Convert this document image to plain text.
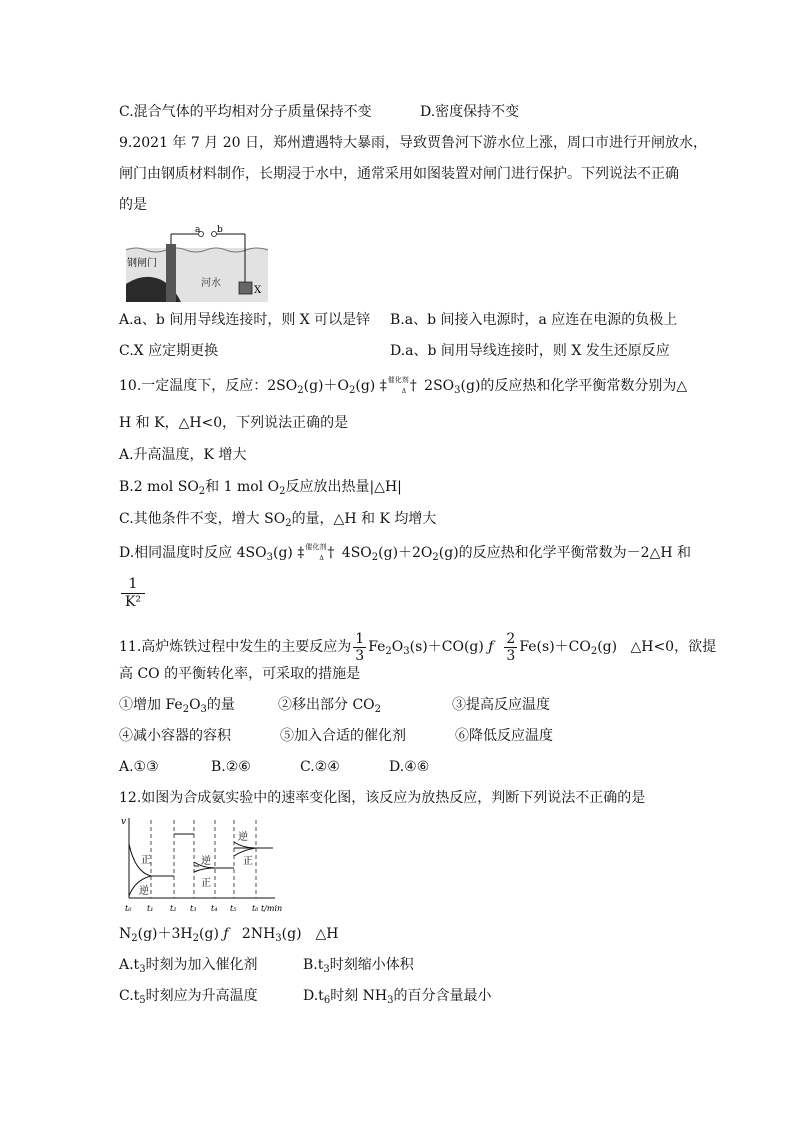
C.混合气体的平均相对分子质量保持不变	D.密度保持不变
9.2021 年 7 月 20 日，郑州遭遇特大暴雨，导致贾鲁河下游水位上涨，周口市进行开闸放水，
闸门由钢质材料制作，长期浸于水中，通常采用如图装置对闸门进行保护。下列说法不正确
的是
a b
钢闸门
河水
X
A.a、b 间用导线连接时，则 X 可以是锌 B.a、b 间接入电源时，a 应连在电源的负极上
C.X 应定期更换	D.a、b 间用导线连接时，则 X 发生还原反应
10.一定温度下，反应：$2SO_2(g)+O_2(g)$ ‡ 催化剂
Δ † $2SO_3(g)$的反应热和化学平衡常数分别为△
H 和 K，△H<0，下列说法正确的是
A.升高温度，K 增大
B.2 mol $SO_2$和 1 mol $O_2$反应放出热量|△H|
C.其他条件不变，增大 $SO_2$的量，△H 和 K 均增大
D.相同温度时反应 $4SO_3(g)$ ‡ 催化剂
Δ † $4SO_2(g)+2O_2(g)$的反应热和化学平衡常数为－2△H 和
1
K²
11.高炉炼铁过程中发生的主要反应为 $\frac{1}{3} Fe_2O_3(s)+CO(g)$ ƒ $\frac{2}{3} Fe(s)+CO_2(g)$ △H<0，欲提
高 CO 的平衡转化率，可采取的措施是
①增加 $Fe_2O_3$的量	②移出部分 $CO_2$	③提高反应温度
④减小容器的容积	⑤加入合适的催化剂	⑥降低反应温度
A.①③	B.②⑥	C.②④	D.④⑥
12.如图为合成氨实验中的速率变化图，该反应为放热反应，判断下列说法不正确的是
v
正
逆
逆
正
逆
正
t₀ t₁ t₂ t₃ t₄ t₅ t₆ t/min
$N_2(g)+3H_2(g)$ ƒ $2NH_3(g)$　△H
$A.t_3$时刻为加入催化剂	$B.t_3$时刻缩小体积
$C.t_5$时刻应为升高温度	$D.t_6$时刻 $NH_3$的百分含量最小
